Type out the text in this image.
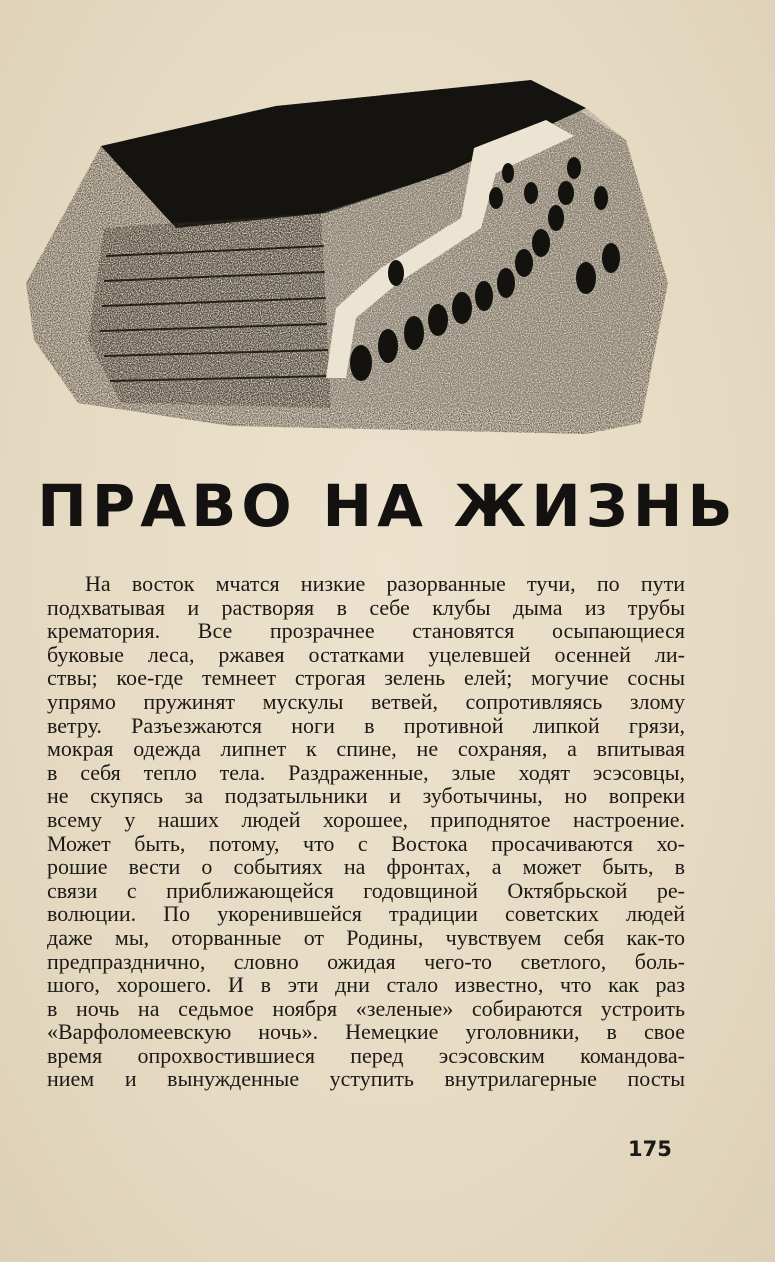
ПРАВО НА ЖИЗНЬ
На восток мчатся низкие разорванные тучи, по пути
подхватывая и растворяя в себе клубы дыма из трубы
крематория. Все прозрачнее становятся осыпающиеся
буковые леса, ржавея остатками уцелевшей осенней ли-
ствы; кое-где темнеет строгая зелень елей; могучие сосны
упрямо пружинят мускулы ветвей, сопротивляясь злому
ветру. Разъезжаются ноги в противной липкой грязи,
мокрая одежда липнет к спине, не сохраняя, а впитывая
в себя тепло тела. Раздраженные, злые ходят эсэсовцы,
не скупясь за подзатыльники и зуботычины, но вопреки
всему у наших людей хорошее, приподнятое настроение.
Может быть, потому, что с Востока просачиваются хо-
рошие вести о событиях на фронтах, а может быть, в
связи с приближающейся годовщиной Октябрьской ре-
волюции. По укоренившейся традиции советских людей
даже мы, оторванные от Родины, чувствуем себя как-то
предпразднично, словно ожидая чего-то светлого, боль-
шого, хорошего. И в эти дни стало известно, что как раз
в ночь на седьмое ноября «зеленые» собираются устроить
«Варфоломеевскую ночь». Немецкие уголовники, в свое
время опрохвостившиеся перед эсэсовским командова-
нием и вынужденные уступить внутрилагерные посты
175
